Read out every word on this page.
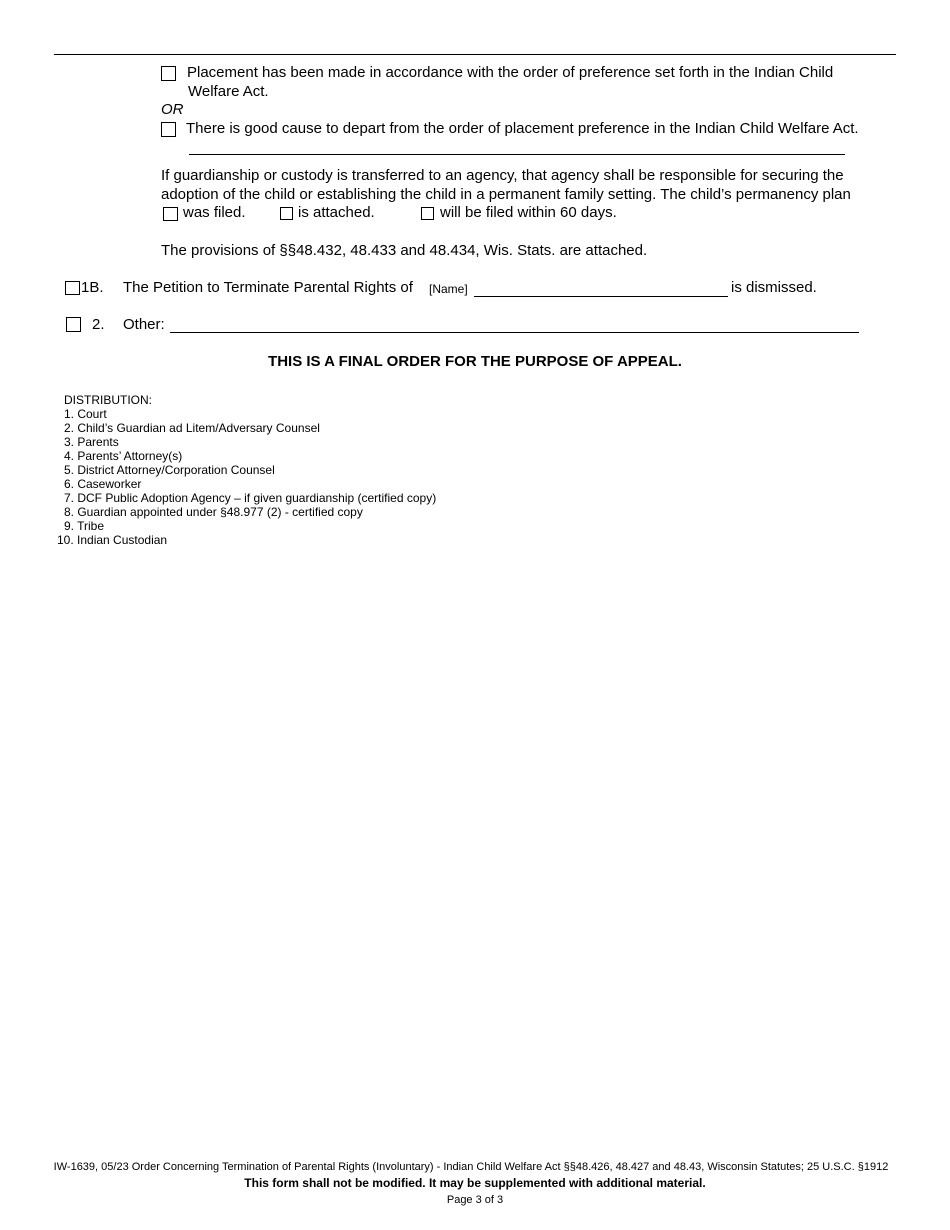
Placement has been made in accordance with the order of preference set forth in the Indian Child
Welfare Act.
OR
There is good cause to depart from the order of placement preference in the Indian Child Welfare Act.
If guardianship or custody is transferred to an agency, that agency shall be responsible for securing the
adoption of the child or establishing the child in a permanent family setting. The child’s permanency plan
was filed.	is attached.	will be filed within 60 days.
The provisions of §§48.432, 48.433 and 48.434, Wis. Stats. are attached.
1B. The Petition to Terminate Parental Rights of [Name]	is dismissed.
2. Other:
THIS IS A FINAL ORDER FOR THE PURPOSE OF APPEAL.
DISTRIBUTION:
1. Court
2. Child’s Guardian ad Litem/Adversary Counsel
3. Parents
4. Parents’ Attorney(s)
5. District Attorney/Corporation Counsel
6. Caseworker
7. DCF Public Adoption Agency – if given guardianship (certified copy)
8. Guardian appointed under §48.977 (2) - certified copy
9. Tribe
10. Indian Custodian
IW-1639, 05/23 Order Concerning Termination of Parental Rights (Involuntary) - Indian Child Welfare Act §§48.426, 48.427 and 48.43, Wisconsin Statutes; 25 U.S.C. §1912
This form shall not be modified. It may be supplemented with additional material.
Page 3 of 3
